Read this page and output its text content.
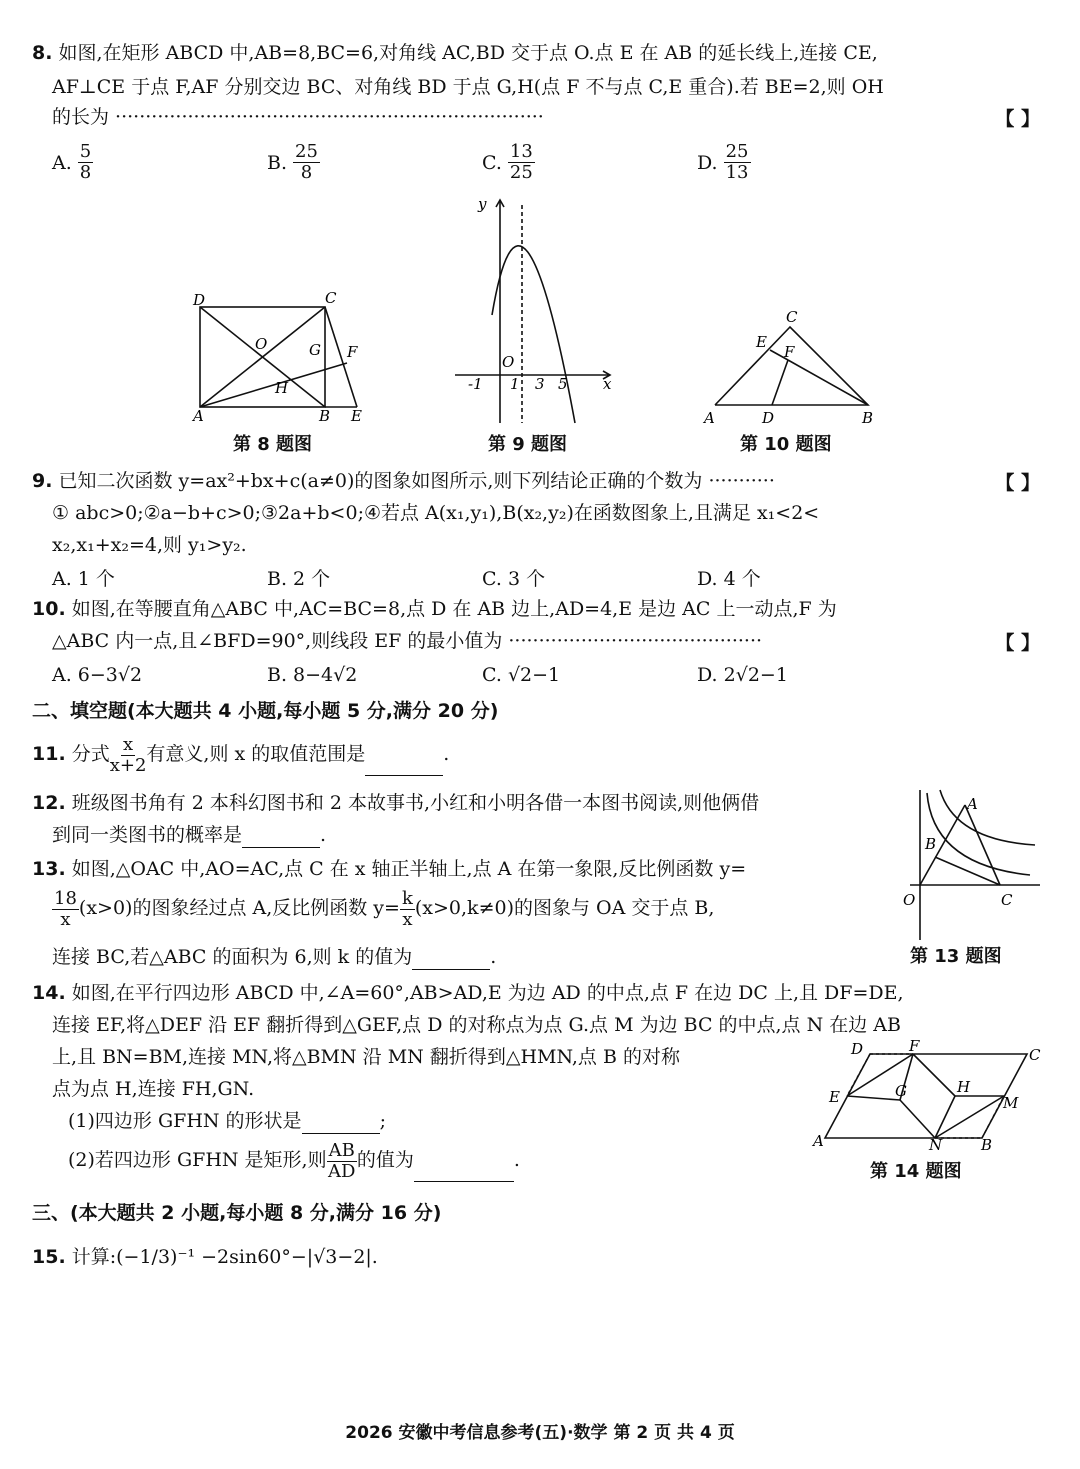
8. 如图,在矩形 ABCD 中,AB=8,BC=6,对角线 AC,BD 交于点 O.点 E 在 AB 的延长线上,连接 CE,
AF⊥CE 于点 F,AF 分别交边 BC、对角线 BD 于点 G,H(点 F 不与点 C,E 重合).若 BE=2,则 OH
的长为 ·······································································	【 】
A. $\frac{5}{8}$	B. $\frac{25}{8}$	C. $\frac{13}{25}$	D. $\frac{25}{13}$
D	C
O	G F
H
A	B E
第 8 题图
y
x
O
-1 1 3 5
第 9 题图
C
E
F
A	D	B
第 10 题图
9. 已知二次函数 y=ax²+bx+c(a≠0)的图象如图所示,则下列结论正确的个数为 ···········	【 】
① abc>0;②a−b+c>0;③2a+b<0;④若点 A(x₁,y₁),B(x₂,y₂)在函数图象上,且满足 x₁<2<
x₂,x₁+x₂=4,则 y₁>y₂.
A. 1 个	B. 2 个	C. 3 个	D. 4 个
10. 如图,在等腰直角△ABC 中,AC=BC=8,点 D 在 AB 边上,AD=4,E 是边 AC 上一动点,F 为
△ABC 内一点,且∠BFD=90°,则线段 EF 的最小值为 ··········································	【 】
A. 6−3√2	B. 8−4√2	C. √2−1	D. 2√2−1
二、填空题(本大题共 4 小题,每小题 5 分,满分 20 分)
11. 分式 $\frac{x}{x+2}$ 有意义,则 x 的取值范围是	.
12. 班级图书角有 2 本科幻图书和 2 本故事书,小红和小明各借一本图书阅读,则他俩借
到同一类图书的概率是	.
13. 如图,△OAC 中,AO=AC,点 C 在 x 轴正半轴上,点 A 在第一象限,反比例函数 y=
$\frac{18}{x} (x>0)$的图象经过点 A,反比例函数 $y= \frac{k}{x} (x>0,k\ne 0)$的图象与 OA 交于点 B,
连接 BC,若△ABC 的面积为 6,则 k 的值为	.
A
B
O	C
第 13 题图
14. 如图,在平行四边形 ABCD 中,∠A=60°,AB>AD,E 为边 AD 的中点,点 F 在边 DC 上,且 DF=DE,
连接 EF,将△DEF 沿 EF 翻折得到△GEF,点 D 的对称点为点 G.点 M 为边 BC 的中点,点 N 在边 AB
上,且 BN=BM,连接 MN,将△BMN 沿 MN 翻折得到△HMN,点 B 的对称
点为点 H,连接 FH,GN.
(1)四边形 GFHN 的形状是	;
(2)若四边形 GFHN 是矩形,则 $\frac{AB}{AD}$ 的值为	.
D	F	C
E	G	H
M
A	N	B
第 14 题图
三、(本大题共 2 小题,每小题 8 分,满分 16 分)
15. 计算:(−1/3)⁻¹ −2sin60°−|√3−2|.
2026 安徽中考信息参考(五)·数学 第 2 页 共 4 页
